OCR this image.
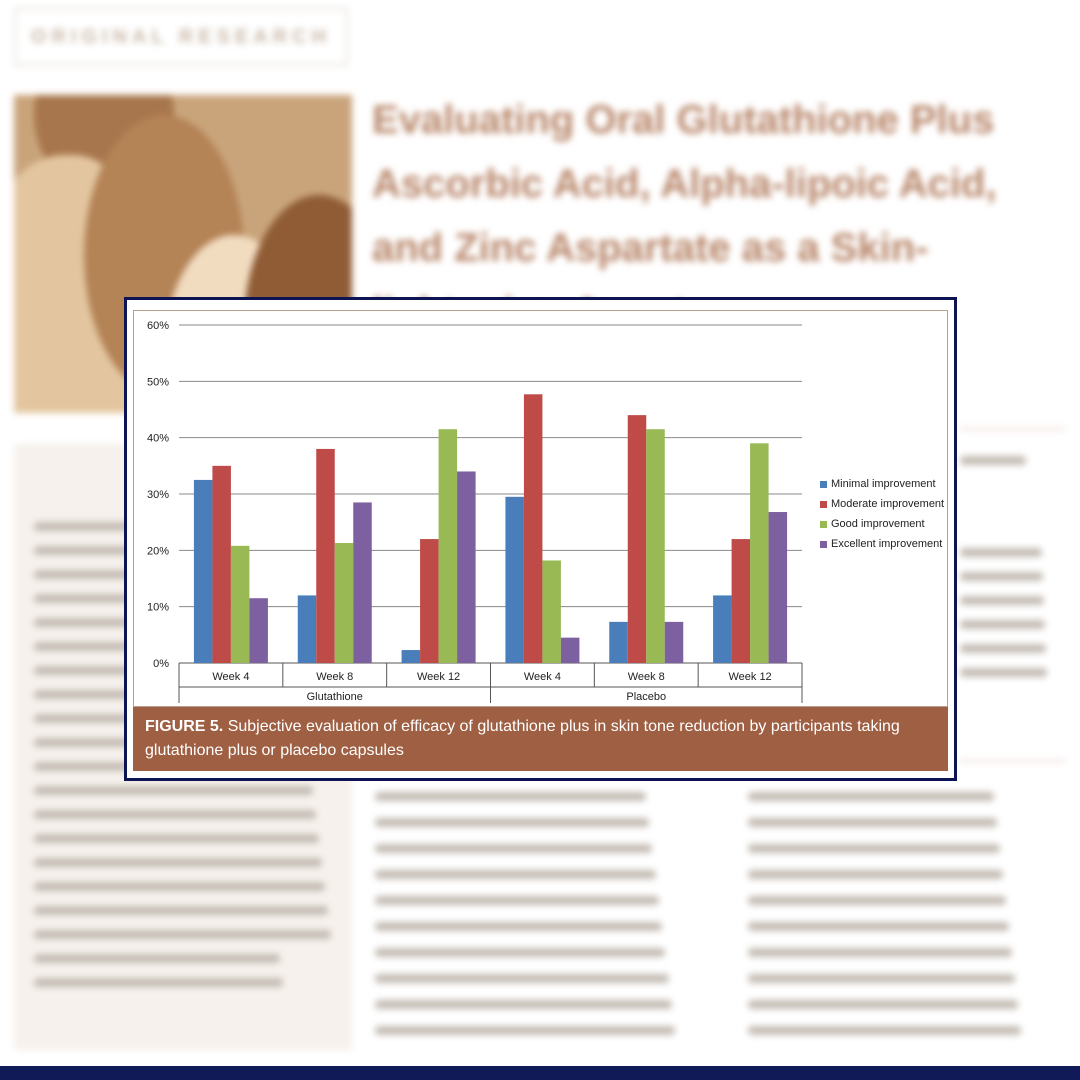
ORIGINAL RESEARCH
Evaluating Oral Glutathione Plus Ascorbic Acid, Alpha-lipoic Acid, and Zinc Aspartate as a Skin-
0%
10%
20%
30%
40%
50%
60%
Week 4	Week 8	Week 12	Week 4	Week 8	Week 12
Glutathione	Placebo
Minimal improvement
Moderate improvement
Good improvement
Excellent improvement
FIGURE 5. Subjective evaluation of efficacy of glutathione plus in skin tone reduction by participants taking glutathione plus or placebo capsules
